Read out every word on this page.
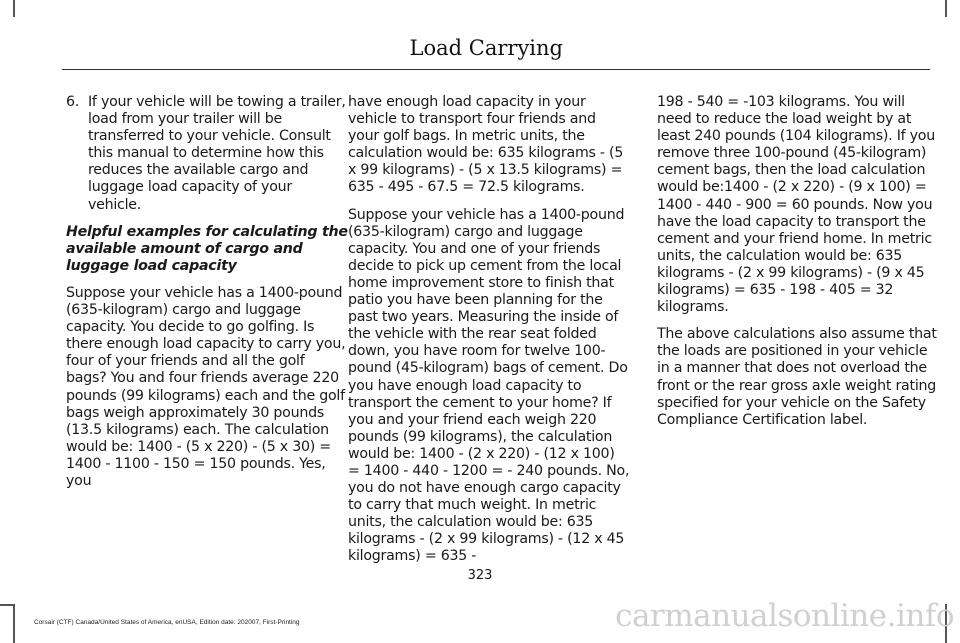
Load Carrying
6. If your vehicle will be towing a trailer, load from your trailer will be transferred to your vehicle. Consult this manual to determine how this reduces the available cargo and luggage load capacity of your vehicle.

Helpful examples for calculating the available amount of cargo and luggage load capacity

Suppose your vehicle has a 1400-pound (635-kilogram) cargo and luggage capacity. You decide to go golfing. Is there enough load capacity to carry you, four of your friends and all the golf bags? You and four friends average 220 pounds (99 kilograms) each and the golf bags weigh approximately 30 pounds (13.5 kilograms) each. The calculation would be: 1400 - (5 x 220) - (5 x 30) = 1400 - 1100 - 150 = 150 pounds. Yes, you

have enough load capacity in your vehicle to transport four friends and your golf bags. In metric units, the calculation would be: 635 kilograms - (5 x 99 kilograms) - (5 x 13.5 kilograms) = 635 - 495 - 67.5 = 72.5 kilograms.

Suppose your vehicle has a 1400-pound (635-kilogram) cargo and luggage capacity. You and one of your friends decide to pick up cement from the local home improvement store to finish that patio you have been planning for the past two years. Measuring the inside of the vehicle with the rear seat folded down, you have room for twelve 100-pound (45-kilogram) bags of cement. Do you have enough load capacity to transport the cement to your home? If you and your friend each weigh 220 pounds (99 kilograms), the calculation would be: 1400 - (2 x 220) - (12 x 100) = 1400 - 440 - 1200 = - 240 pounds. No, you do not have enough cargo capacity to carry that much weight. In metric units, the calculation would be: 635 kilograms - (2 x 99 kilograms) - (12 x 45 kilograms) = 635 -

198 - 540 = -103 kilograms. You will need to reduce the load weight by at least 240 pounds (104 kilograms). If you remove three 100-pound (45-kilogram) cement bags, then the load calculation would be:1400 - (2 x 220) - (9 x 100) = 1400 - 440 - 900 = 60 pounds. Now you have the load capacity to transport the cement and your friend home. In metric units, the calculation would be: 635 kilograms - (2 x 99 kilograms) - (9 x 45 kilograms) = 635 - 198 - 405 = 32 kilograms.

The above calculations also assume that the loads are positioned in your vehicle in a manner that does not overload the front or the rear gross axle weight rating specified for your vehicle on the Safety Compliance Certification label.

323
Corsair (CTF) Canada/United States of America, enUSA, Edition date: 202007, First-Printing	carmanualsonline.info
